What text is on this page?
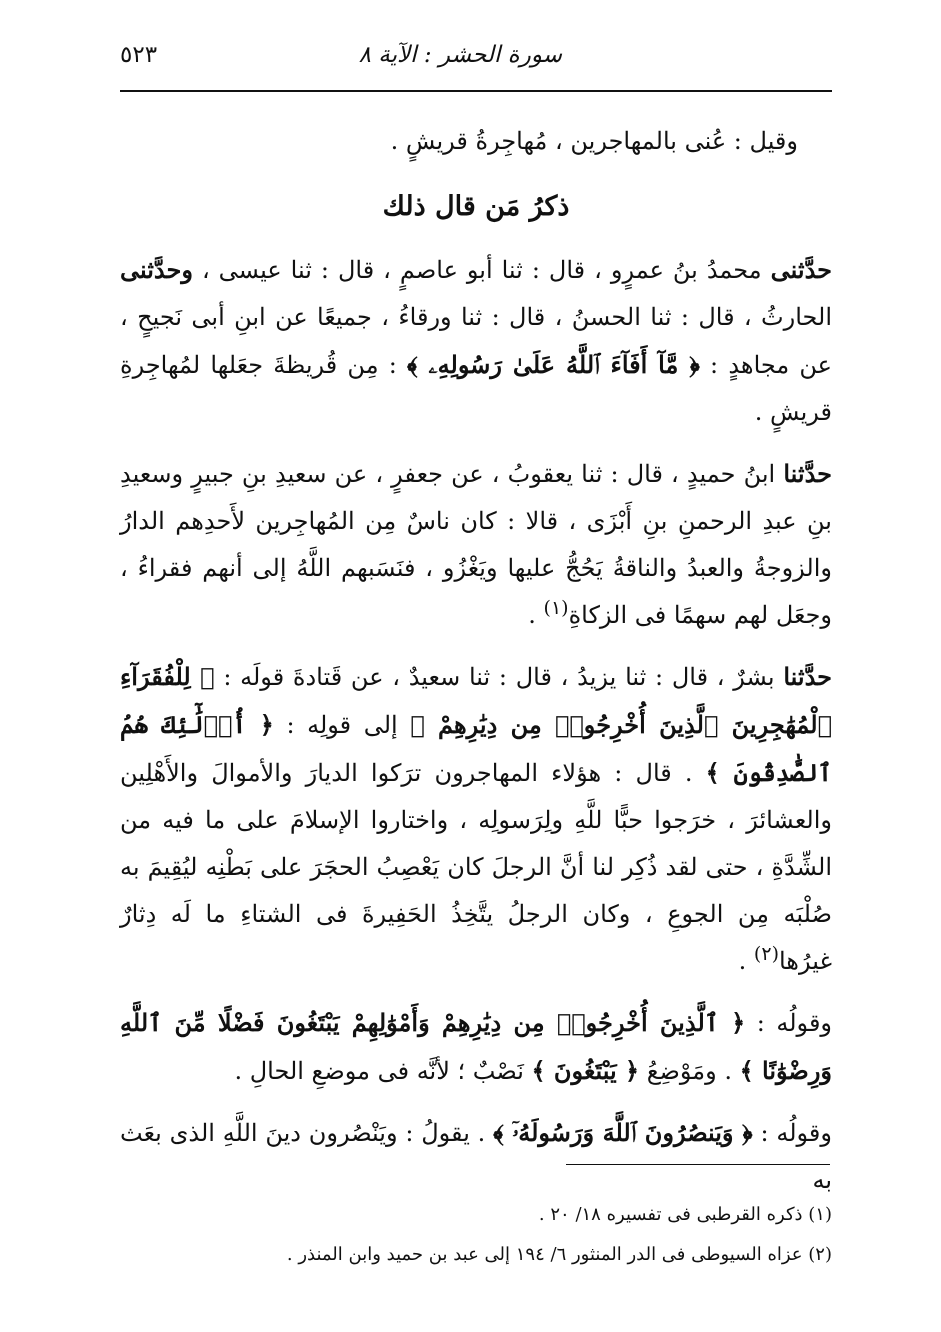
سورة الحشر : الآية ٨
٥٢٣

وقيل : عُنى بالمهاجرين ، مُهاجِرةُ قريشٍ .

ذكرُ مَن قال ذلك

حدَّثنى محمدُ بنُ عمرٍو ، قال : ثنا أبو عاصمٍ ، قال : ثنا عيسى ، وحدَّثنى الحارثُ ، قال : ثنا الحسنُ ، قال : ثنا ورقاءُ ، جميعًا عن ابنِ أبى نَجيحٍ ، عن مجاهدٍ : ﴿ مَّآ أَفَآءَ ٱللَّهُ عَلَىٰ رَسُولِهِۦ ﴾ : مِن قُريظةَ جعَلها لمُهاجِرةِ قريشٍ .

حدَّثنا ابنُ حميدٍ ، قال : ثنا يعقوبُ ، عن جعفرٍ ، عن سعيدِ بنِ جبيرٍ وسعيدِ بنِ عبدِ الرحمنِ بنِ أَبْزَى ، قالا : كان ناسٌ مِن المُهاجِرين لأَحدِهم الدارُ والزوجةُ والعبدُ والناقةُ يَحُجُّ عليها ويَغْزُو ، فنَسَبهم اللَّهُ إلى أنهم فقراءُ ، وجعَل لهم سهمًا فى الزكاةِ$^{(١)}$ .

حدَّثنا بشرٌ ، قال : ثنا يزيدُ ، قال : ثنا سعيدٌ ، عن قَتادةَ قولَه : ﴿ لِلْفُقَرَآءِ ٱلْمُهَٰجِرِينَ ٱلَّذِينَ أُخْرِجُوا۟ مِن دِيَٰرِهِمْ ﴾ إلى قولِه : ﴿ أُو۟لَٰٓئِكَ هُمُ ٱلصَّٰدِقُونَ ﴾ . قال : هؤلاء المهاجرون ترَكوا الديارَ والأموالَ والأَهْلِين والعشائرَ ، خرَجوا حبًّا للَّهِ ولِرَسولِه ، واختاروا الإسلامَ على ما فيه من الشِّدَّةِ ، حتى لقد ذُكِر لنا أنَّ الرجلَ كان يَعْصِبُ الحجَرَ على بَطْنِه ليُقِيمَ به صُلْبَه مِن الجوعِ ، وكان الرجلُ يتَّخِذُ الحَفِيرةَ فى الشتاءِ ما لَه دِثارٌ غيرُها$^{(٢)}$ .

وقولُه : ﴿ ٱلَّذِينَ أُخْرِجُوا۟ مِن دِيَٰرِهِمْ وَأَمْوَٰلِهِمْ يَبْتَغُونَ فَضْلًا مِّنَ ٱللَّهِ وَرِضْوَٰنًا ﴾ . ومَوْضِعُ ﴿ يَبْتَغُونَ ﴾ نَصْبٌ ؛ لأنَّه فى موضعِ الحالِ .

وقولُه : ﴿ وَيَنصُرُونَ ٱللَّهَ وَرَسُولَهُۥٓ ﴾ . يقولُ : ويَنْصُرون دينَ اللَّهِ الذى بعَث به

(١) ذكره القرطبى فى تفسيره ١٨/ ٢٠ .
(٢) عزاه السيوطى فى الدر المنثور ٦/ ١٩٤ إلى عبد بن حميد وابن المنذر .
